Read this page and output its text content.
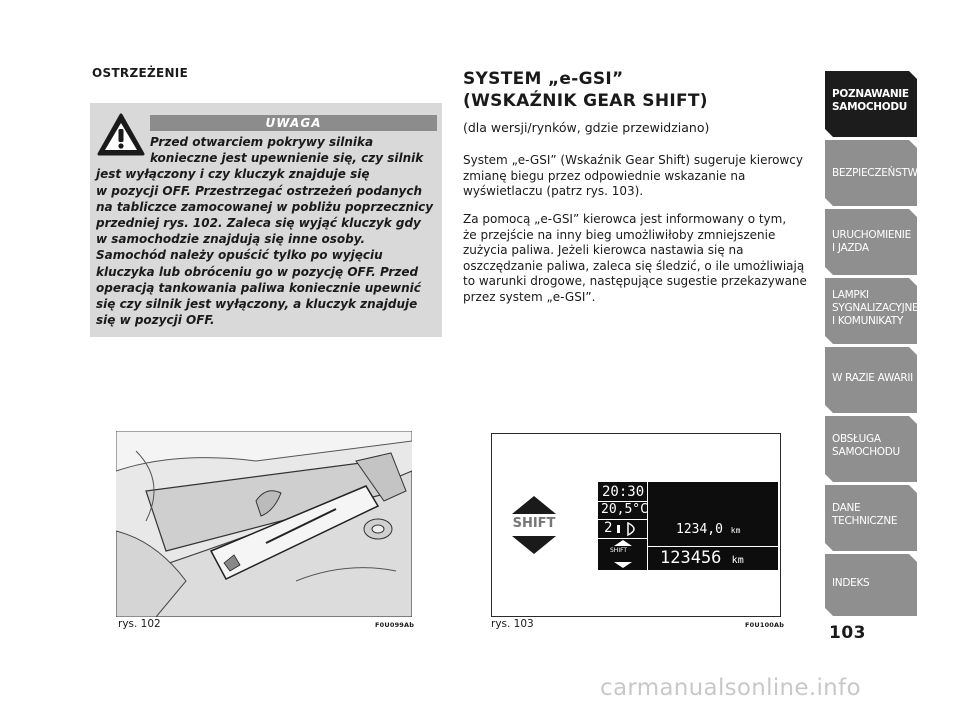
OSTRZEŻENIE
UWAGA
Przed otwarciem pokrywy silnika
konieczne jest upewnienie się, czy silnik
jest wyłączony i czy kluczyk znajduje się
w pozycji OFF. Przestrzegać ostrzeżeń podanych
na tabliczce zamocowanej w pobliżu poprzecznicy
przedniej rys. 102. Zaleca się wyjąć kluczyk gdy
w samochodzie znajdują się inne osoby.
Samochód należy opuścić tylko po wyjęciu
kluczyka lub obróceniu go w pozycję OFF. Przed
operacją tankowania paliwa koniecznie upewnić
się czy silnik jest wyłączony, a kluczyk znajduje
się w pozycji OFF.
rys. 102	F0U099Ab
SYSTEM „e-GSI”
(WSKAŹNIK GEAR SHIFT)
(dla wersji/rynków, gdzie przewidziano)
System „e-GSI” (Wskaźnik Gear Shift) sugeruje kierowcy
zmianę biegu przez odpowiednie wskazanie na
wyświetlaczu (patrz rys. 103).
Za pomocą „e-GSI” kierowca jest informowany o tym,
że przejście na inny bieg umożliwiłoby zmniejszenie
zużycia paliwa. Jeżeli kierowca nastawia się na
oszczędzanie paliwa, zaleca się śledzić, o ile umożliwiają
to warunki drogowe, następujące sugestie przekazywane
przez system „e-GSI”.
SHIFT
20:30
20,5°C
2
SHIFT
1234,0 km
123456 km
rys. 103	F0U100Ab
POZNAWANIE
SAMOCHODU
BEZPIECZEŃSTWO
URUCHOMIENIE
I JAZDA
LAMPKI
SYGNALIZACYJNE
I KOMUNIKATY
W RAZIE AWARII
OBSŁUGA
SAMOCHODU
DANE
TECHNICZNE
INDEKS
103
carmanualsonline.info
